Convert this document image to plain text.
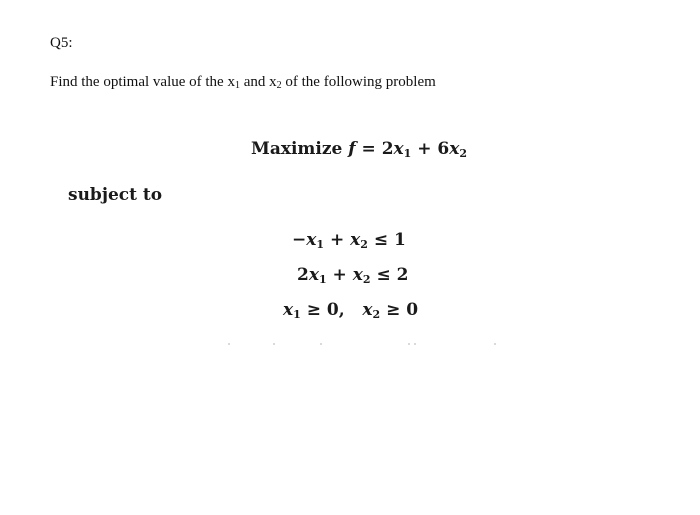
Q5:
Find the optimal value of the $x_1$ and $x_2$ of the following problem
Maximize $f = 2x_1 + 6x_2$
subject to
$-x_1 + x_2 \le 1$
$2x_1 + x_2 \le 2$
$x_1 \ge 0$, $x_2 \ge 0$
